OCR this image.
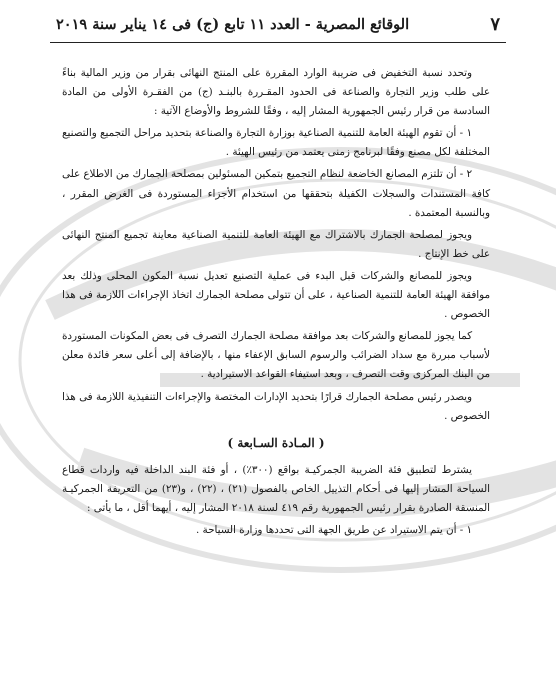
٧
الوقائع المصرية - العدد ١١ تابع (ج) فى ١٤ يناير سنة ٢٠١٩

وتحدد نسبة التخفيض فى ضريبة الوارد المقررة على المنتج النهائى بقرار من وزير المالية بناءً على طلب وزير التجارة والصناعة فى الحدود المقـررة بالبنـد (ج) من الفقـرة الأولى من المادة السادسة من قرار رئيس الجمهورية المشار إليه ، وفقًا للشروط والأوضاع الآتية :

١ - أن تقوم الهيئة العامة للتنمية الصناعية بوزارة التجارة والصناعة بتحديد مراحل التجميع والتصنيع المختلفة لكل مصنع وفقًا لبرنامج زمنى يعتمد من رئيس الهيئة .

٢ - أن تلتزم المصانع الخاضعة لنظام التجميع بتمكين المسئولين بمصلحة الجمارك من الاطلاع على كافة المستندات والسجلات الكفيلة بتحققها من استخدام الأجزاء المستوردة فى الغرض المقرر ، وبالنسبة المعتمدة .

ويجوز لمصلحة الجمارك بالاشتراك مع الهيئة العامة للتنمية الصناعية معاينة تجميع المنتج النهائى على خط الإنتاج .

ويجوز للمصانع والشركات قبل البدء فى عملية التصنيع تعديل نسبة المكون المحلى وذلك بعد موافقة الهيئة العامة للتنمية الصناعية ، على أن تتولى مصلحة الجمارك اتخاذ الإجراءات اللازمة فى هذا الخصوص .

كما يجوز للمصانع والشركات بعد موافقة مصلحة الجمارك التصرف فى بعض المكونات المستوردة لأسباب مبررة مع سداد الضرائب والرسوم السابق الإعفاء منها ، بالإضافة إلى أعلى سعر فائدة معلن من البنك المركزى وقت التصرف ، وبعد استيفاء القواعد الاستيرادية .

ويصدر رئيس مصلحة الجمارك قرارًا بتحديد الإدارات المختصة والإجراءات التنفيذية اللازمة فى هذا الخصوص .

( المـادة السـابعة )

يشترط لتطبيق فئة الضريبة الجمركيـة بواقع (٣٠٠٪) ، أو فئة البند الداخلة فيه واردات قطاع السياحة المشار إليها فى أحكام التذييل الخاص بالفصول (٢١) ، (٢٢) ، و(٢٣) من التعريفة الجمركيـة المنسقة الصادرة بقرار رئيس الجمهورية رقم ٤١٩ لسنة ٢٠١٨ المشار إليه ، أيهما أقل ، ما يأتى :

١ - أن يتم الاستيراد عن طريق الجهة التى تحددها وزارة السياحة .
